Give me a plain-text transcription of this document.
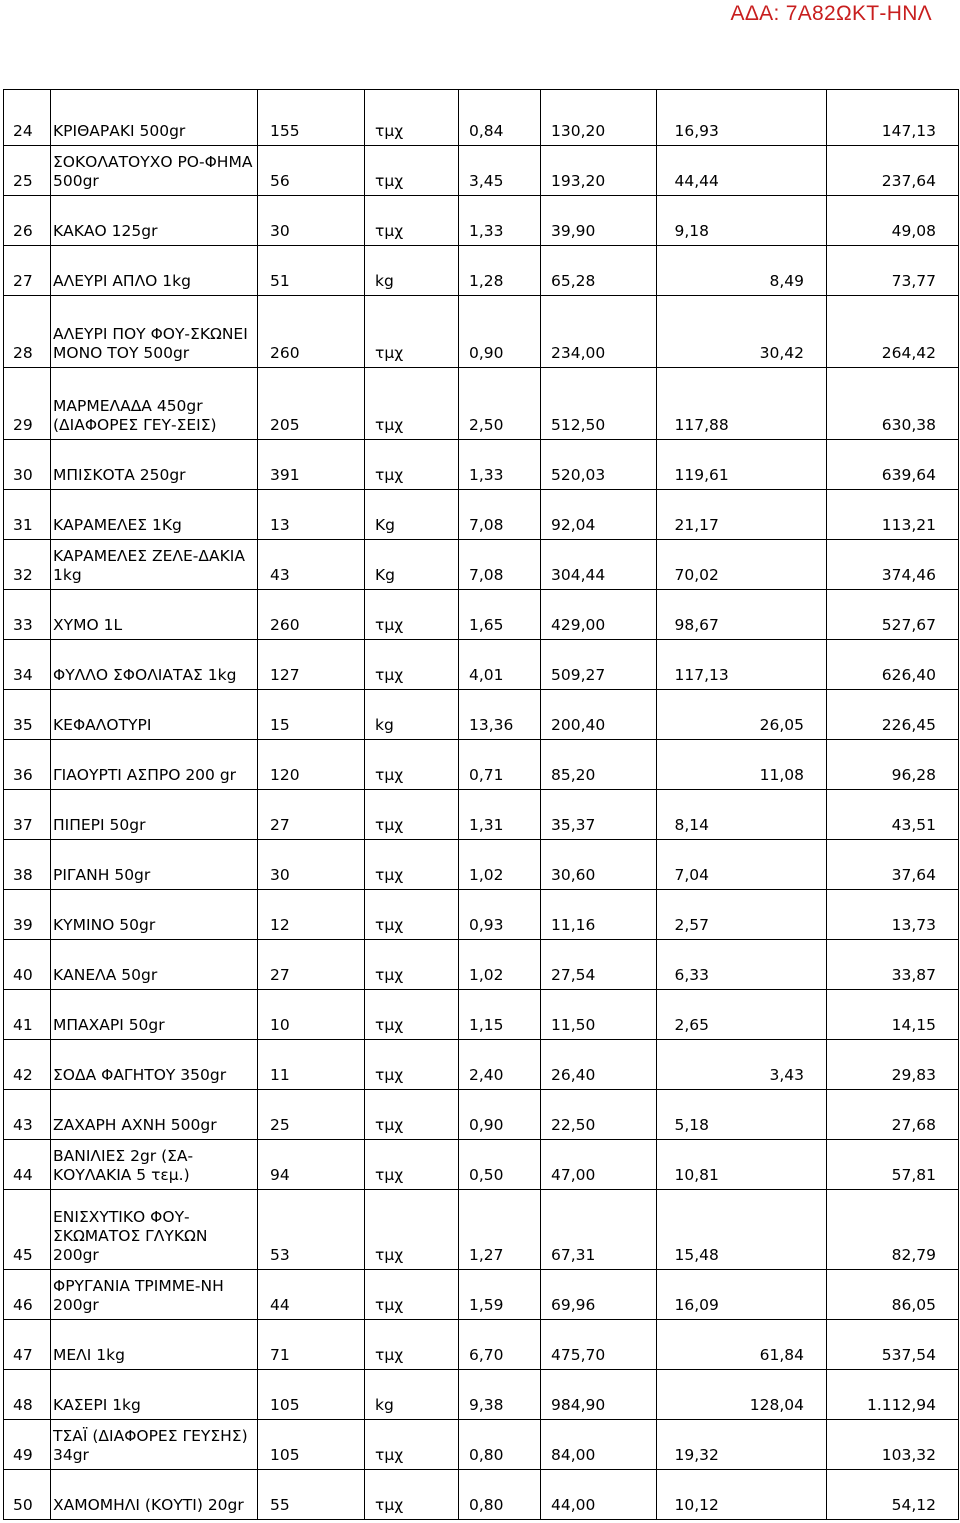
ΑΔΑ: 7Α82ΩΚΤ-ΗΝΛ
24	ΚΡΙΘΑΡΑΚΙ 500gr	155	τμχ	0,84	130,20		16,93	147,13
25	ΣΟΚΟΛΑΤΟΥΧΟ ΡΟ-ΦΗΜΑ 500gr	56	τμχ	3,45	193,20		44,44	237,64
26	ΚΑΚΑΟ 125gr	30	τμχ	1,33	39,90		9,18	49,08
27	ΑΛΕΥΡΙ ΑΠΛΟ 1kg	51	kg	1,28	65,28		8,49	73,77
28	ΑΛΕΥΡΙ ΠΟΥ ΦΟΥ-ΣΚΩΝΕΙ ΜΟΝΟ ΤΟΥ 500gr	260	τμχ	0,90	234,00		30,42	264,42
29	ΜΑΡΜΕΛΑΔΑ 450gr (ΔΙΑΦΟΡΕΣ ΓΕΥ-ΣΕΙΣ)	205	τμχ	2,50	512,50		117,88	630,38
30	ΜΠΙΣΚΟΤΑ 250gr	391	τμχ	1,33	520,03		119,61	639,64
31	ΚΑΡΑΜΕΛΕΣ 1Kg	13	Kg	7,08	92,04		21,17	113,21
32	ΚΑΡΑΜΕΛΕΣ ΖΕΛΕ-ΔΑΚΙΑ 1kg	43	Kg	7,08	304,44		70,02	374,46
33	ΧΥΜΟ 1L	260	τμχ	1,65	429,00		98,67	527,67
34	ΦΥΛΛΟ ΣΦΟΛΙΑΤΑΣ 1kg	127	τμχ	4,01	509,27		117,13	626,40
35	ΚΕΦΑΛΟΤΥΡΙ	15	kg	13,36	200,40		26,05	226,45
36	ΓΙΑΟΥΡΤΙ ΑΣΠΡΟ 200 gr	120	τμχ	0,71	85,20		11,08	96,28
37	ΠΙΠΕΡΙ 50gr	27	τμχ	1,31	35,37		8,14	43,51
38	ΡΙΓΑΝΗ 50gr	30	τμχ	1,02	30,60		7,04	37,64
39	ΚΥΜΙΝΟ 50gr	12	τμχ	0,93	11,16		2,57	13,73
40	ΚΑΝΕΛΑ 50gr	27	τμχ	1,02	27,54		6,33	33,87
41	ΜΠΑΧΑΡΙ 50gr	10	τμχ	1,15	11,50		2,65	14,15
42	ΣΟΔΑ ΦΑΓΗΤΟΥ 350gr	11	τμχ	2,40	26,40		3,43	29,83
43	ΖΑΧΑΡΗ ΑΧΝΗ 500gr	25	τμχ	0,90	22,50		5,18	27,68
44	ΒΑΝΙΛΙΕΣ 2gr (ΣΑ-ΚΟΥΛΑΚΙΑ 5 τεμ.)	94	τμχ	0,50	47,00		10,81	57,81
45	ΕΝΙΣΧΥΤΙΚΟ ΦΟΥ-ΣΚΩΜΑΤΟΣ ΓΛΥΚΩΝ 200gr	53	τμχ	1,27	67,31		15,48	82,79
46	ΦΡΥΓΑΝΙΑ ΤΡΙΜΜΕ-ΝΗ 200gr	44	τμχ	1,59	69,96		16,09	86,05
47	ΜΕΛΙ 1kg	71	τμχ	6,70	475,70		61,84	537,54
48	ΚΑΣΕΡΙ 1kg	105	kg	9,38	984,90		128,04	1.112,94
49	ΤΣΑΪ (ΔΙΑΦΟΡΕΣ ΓΕΥΣΗΣ) 34gr	105	τμχ	0,80	84,00		19,32	103,32
50	ΧΑΜΟΜΗΛΙ (ΚΟΥΤΙ) 20gr	55	τμχ	0,80	44,00		10,12	54,12
